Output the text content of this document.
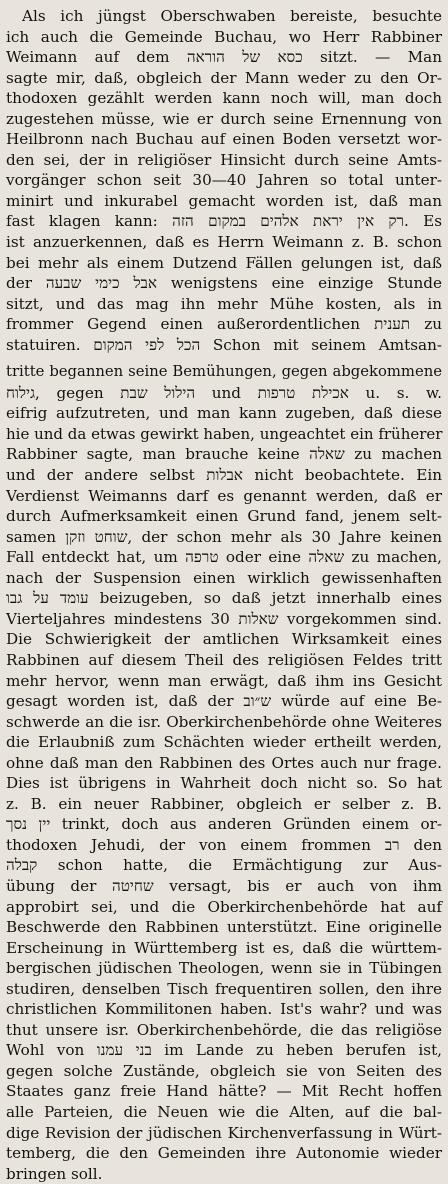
Als ich jüngst Oberschwaben bereiste, besuchte
ich auch die Gemeinde Buchau, wo Herr Rabbiner
Weimann auf dem כסא של הוראה sitzt. — Man
sagte mir, daß, obgleich der Mann weder zu den Or-
thodoxen gezählt werden kann noch will, man doch
zugestehen müsse, wie er durch seine Ernennung von
Heilbronn nach Buchau auf einen Boden versetzt wor-
den sei, der in religiöser Hinsicht durch seine Amts-
vorgänger schon seit 30—40 Jahren so total unter-
minirt und inkurabel gemacht worden ist, daß man
fast klagen kann: רק אין יראת אלהים במקום הזה. Es
ist anzuerkennen, daß es Herrn Weimann z. B. schon
bei mehr als einem Dutzend Fällen gelungen ist, daß
der אבל כימי שבעה wenigstens eine einzige Stunde
sitzt, und das mag ihn mehr Mühe kosten, als in
frommer Gegend einen außerordentlichen תענית zu
statuiren. הכל לפי המקום Schon mit seinem Amtsan-
tritte begannen seine Bemühungen, gegen abgekommene
גילוח, gegen הילול שבת und אכילת טרפות u. s. w.
eifrig aufzutreten, und man kann zugeben, daß diese
hie und da etwas gewirkt haben, ungeachtet ein früherer
Rabbiner sagte, man brauche keine שאלה zu machen
und der andere selbst אבלות nicht beobachtete. Ein
Verdienst Weimanns darf es genannt werden, daß er
durch Aufmerksamkeit einen Grund fand, jenem selt-
samen שוחט וזקן, der schon mehr als 30 Jahre keinen
Fall entdeckt hat, um טרפה oder eine שאלה zu machen,
nach der Suspension einen wirklich gewissenhaften
עומד על גבו beizugeben, so daß jetzt innerhalb eines
Vierteljahres mindestens 30 שאלות vorgekommen sind.
Die Schwierigkeit der amtlichen Wirksamkeit eines
Rabbinen auf diesem Theil des religiösen Feldes tritt
mehr hervor, wenn man erwägt, daß ihm ins Gesicht
gesagt worden ist, daß der ש״וב würde auf eine Be-
schwerde an die isr. Oberkirchenbehörde ohne Weiteres
die Erlaubniß zum Schächten wieder ertheilt werden,
ohne daß man den Rabbinen des Ortes auch nur frage.
Dies ist übrigens in Wahrheit doch nicht so. So hat
z. B. ein neuer Rabbiner, obgleich er selber z. B.
יין נסך trinkt, doch aus anderen Gründen einem or-
thodoxen Jehudi, der von einem frommen רב den
קבלה schon hatte, die Ermächtigung zur Aus-
übung der שחיטה versagt, bis er auch von ihm
approbirt sei, und die Oberkirchenbehörde hat auf
Beschwerde den Rabbinen unterstützt. Eine originelle
Erscheinung in Württemberg ist es, daß die württem-
bergischen jüdischen Theologen, wenn sie in Tübingen
studiren, denselben Tisch frequentiren sollen, den ihre
christlichen Kommilitonen haben. Ist's wahr? und was
thut unsere isr. Oberkirchenbehörde, die das religiöse
Wohl von בני עמנו im Lande zu heben berufen ist,
gegen solche Zustände, obgleich sie von Seiten des
Staates ganz freie Hand hätte? — Mit Recht hoffen
alle Parteien, die Neuen wie die Alten, auf die bal-
dige Revision der jüdischen Kirchenverfassung in Würt-
temberg, die den Gemeinden ihre Autonomie wieder
bringen soll.
